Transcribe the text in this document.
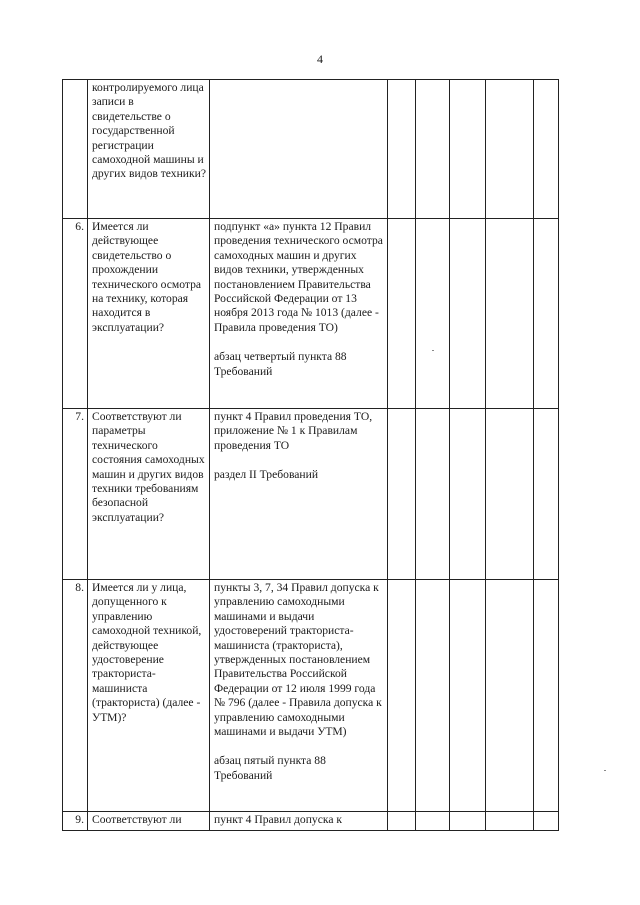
4
	контролируемого лица записи в свидетельстве о государственной регистрации самоходной машины и других видов техники?						
6.	Имеется ли действующее свидетельство о прохождении технического осмотра на технику, которая находится в эксплуатации?	подпункт «а» пункта 12 Правил проведения технического осмотра самоходных машин и других видов техники, утвержденных постановлением Правительства Российской Федерации от 13 ноября 2013 года № 1013 (далее - Правила проведения ТО)
абзац четвертый пункта 88 Требований					

7.	Соответствуют ли параметры технического состояния самоходных машин и других видов техники требованиям безопасной эксплуатации?	пункт 4 Правил проведения ТО, приложение № 1 к Правилам проведения ТО
раздел II Требований					

8.	Имеется ли у лица, допущенного к управлению самоходной техникой, действующее удостоверение тракториста-машиниста (тракториста) (далее - УТМ)?	пункты 3, 7, 34 Правил допуска к управлению самоходными машинами и выдачи удостоверений тракториста-машиниста (тракториста), утвержденных постановлением Правительства Российской Федерации от 12 июля 1999 года № 796 (далее - Правила допуска к управлению самоходными машинами и выдачи УТМ)
абзац пятый пункта 88 Требований					

9.	Соответствуют ли	пункт 4 Правил допуска к					
